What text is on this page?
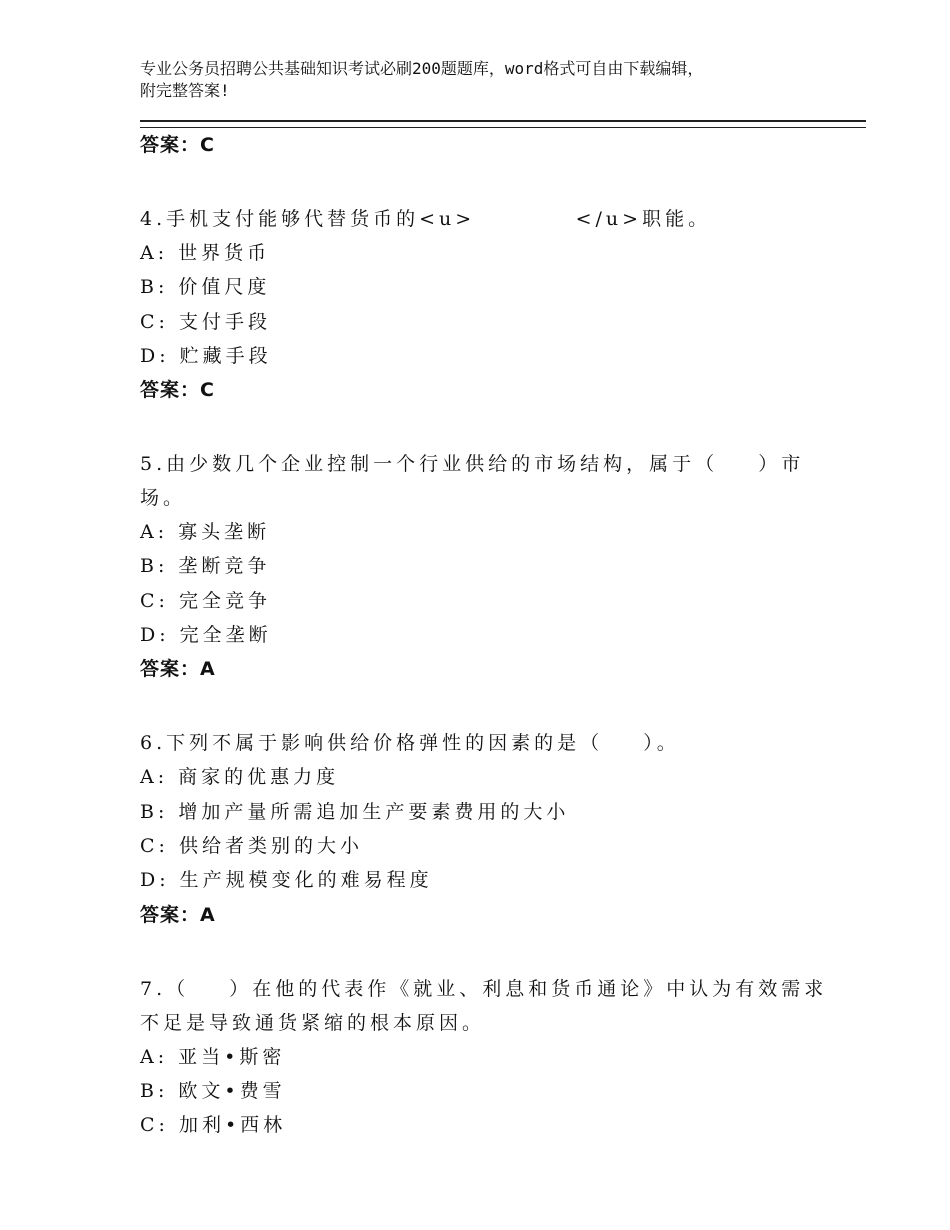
专业公务员招聘公共基础知识考试必刷200题题库，word格式可自由下载编辑，
附完整答案!
答案：C
4.手机支付能够代替货币的<u>          </u>职能。
A: 世界货币
B: 价值尺度
C: 支付手段
D: 贮藏手段
答案：C
5.由少数几个企业控制一个行业供给的市场结构，属于（    ）市
场。
A: 寡头垄断
B: 垄断竞争
C: 完全竞争
D: 完全垄断
答案：A
6.下列不属于影响供给价格弹性的因素的是（    ）。
A: 商家的优惠力度
B: 增加产量所需追加生产要素费用的大小
C: 供给者类别的大小
D: 生产规模变化的难易程度
答案：A
7.（    ）在他的代表作《就业、利息和货币通论》中认为有效需求
不足是导致通货紧缩的根本原因。
A: 亚当•斯密
B: 欧文•费雪
C: 加利•西林
